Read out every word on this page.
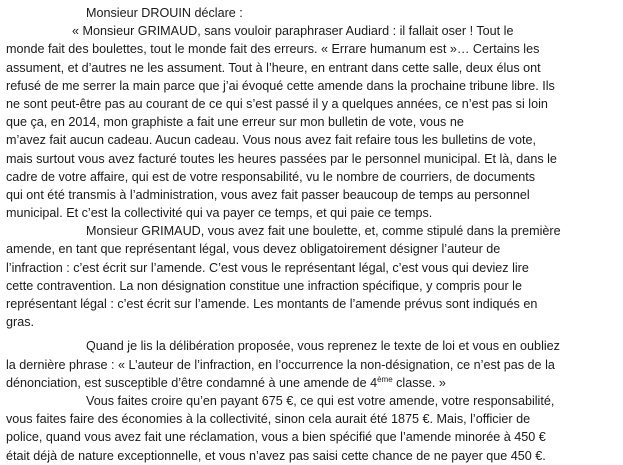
Monsieur DROUIN déclare :
« Monsieur GRIMAUD, sans vouloir paraphraser Audiard : il fallait oser ! Tout le
monde fait des boulettes, tout le monde fait des erreurs. « Errare humanum est »… Certains les
assument, et d’autres ne les assument. Tout à l’heure, en entrant dans cette salle, deux élus ont
refusé de me serrer la main parce que j’ai évoqué cette amende dans la prochaine tribune libre. Ils
ne sont peut-être pas au courant de ce qui s’est passé il y a quelques années, ce n’est pas si loin
que ça, en 2014, mon graphiste a fait une erreur sur mon bulletin de vote, vous ne
m’avez fait aucun cadeau. Aucun cadeau. Vous nous avez fait refaire tous les bulletins de vote,
mais surtout vous avez facturé toutes les heures passées par le personnel municipal. Et là, dans le
cadre de votre affaire, qui est de votre responsabilité, vu le nombre de courriers, de documents
qui ont été transmis à l’administration, vous avez fait passer beaucoup de temps au personnel
municipal. Et c’est la collectivité qui va payer ce temps, et qui paie ce temps.
Monsieur GRIMAUD, vous avez fait une boulette, et, comme stipulé dans la première
amende, en tant que représentant légal, vous devez obligatoirement désigner l’auteur de
l’infraction : c’est écrit sur l’amende. C’est vous le représentant légal, c’est vous qui deviez lire
cette contravention. La non désignation constitue une infraction spécifique, y compris pour le
représentant légal : c’est écrit sur l’amende. Les montants de l’amende prévus sont indiqués en
gras.
Quand je lis la délibération proposée, vous reprenez le texte de loi et vous en oubliez
la dernière phrase : « L’auteur de l’infraction, en l’occurrence la non-désignation, ce n’est pas de la
dénonciation, est susceptible d’être condamné à une amende de 4ème classe. »
Vous faites croire qu’en payant 675 €, ce qui est votre amende, votre responsabilité,
vous faites faire des économies à la collectivité, sinon cela aurait été 1875 €. Mais, l’officier de
police, quand vous avez fait une réclamation, vous a bien spécifié que l’amende minorée à 450 €
était déjà de nature exceptionnelle, et vous n’avez pas saisi cette chance de ne payer que 450 €.
